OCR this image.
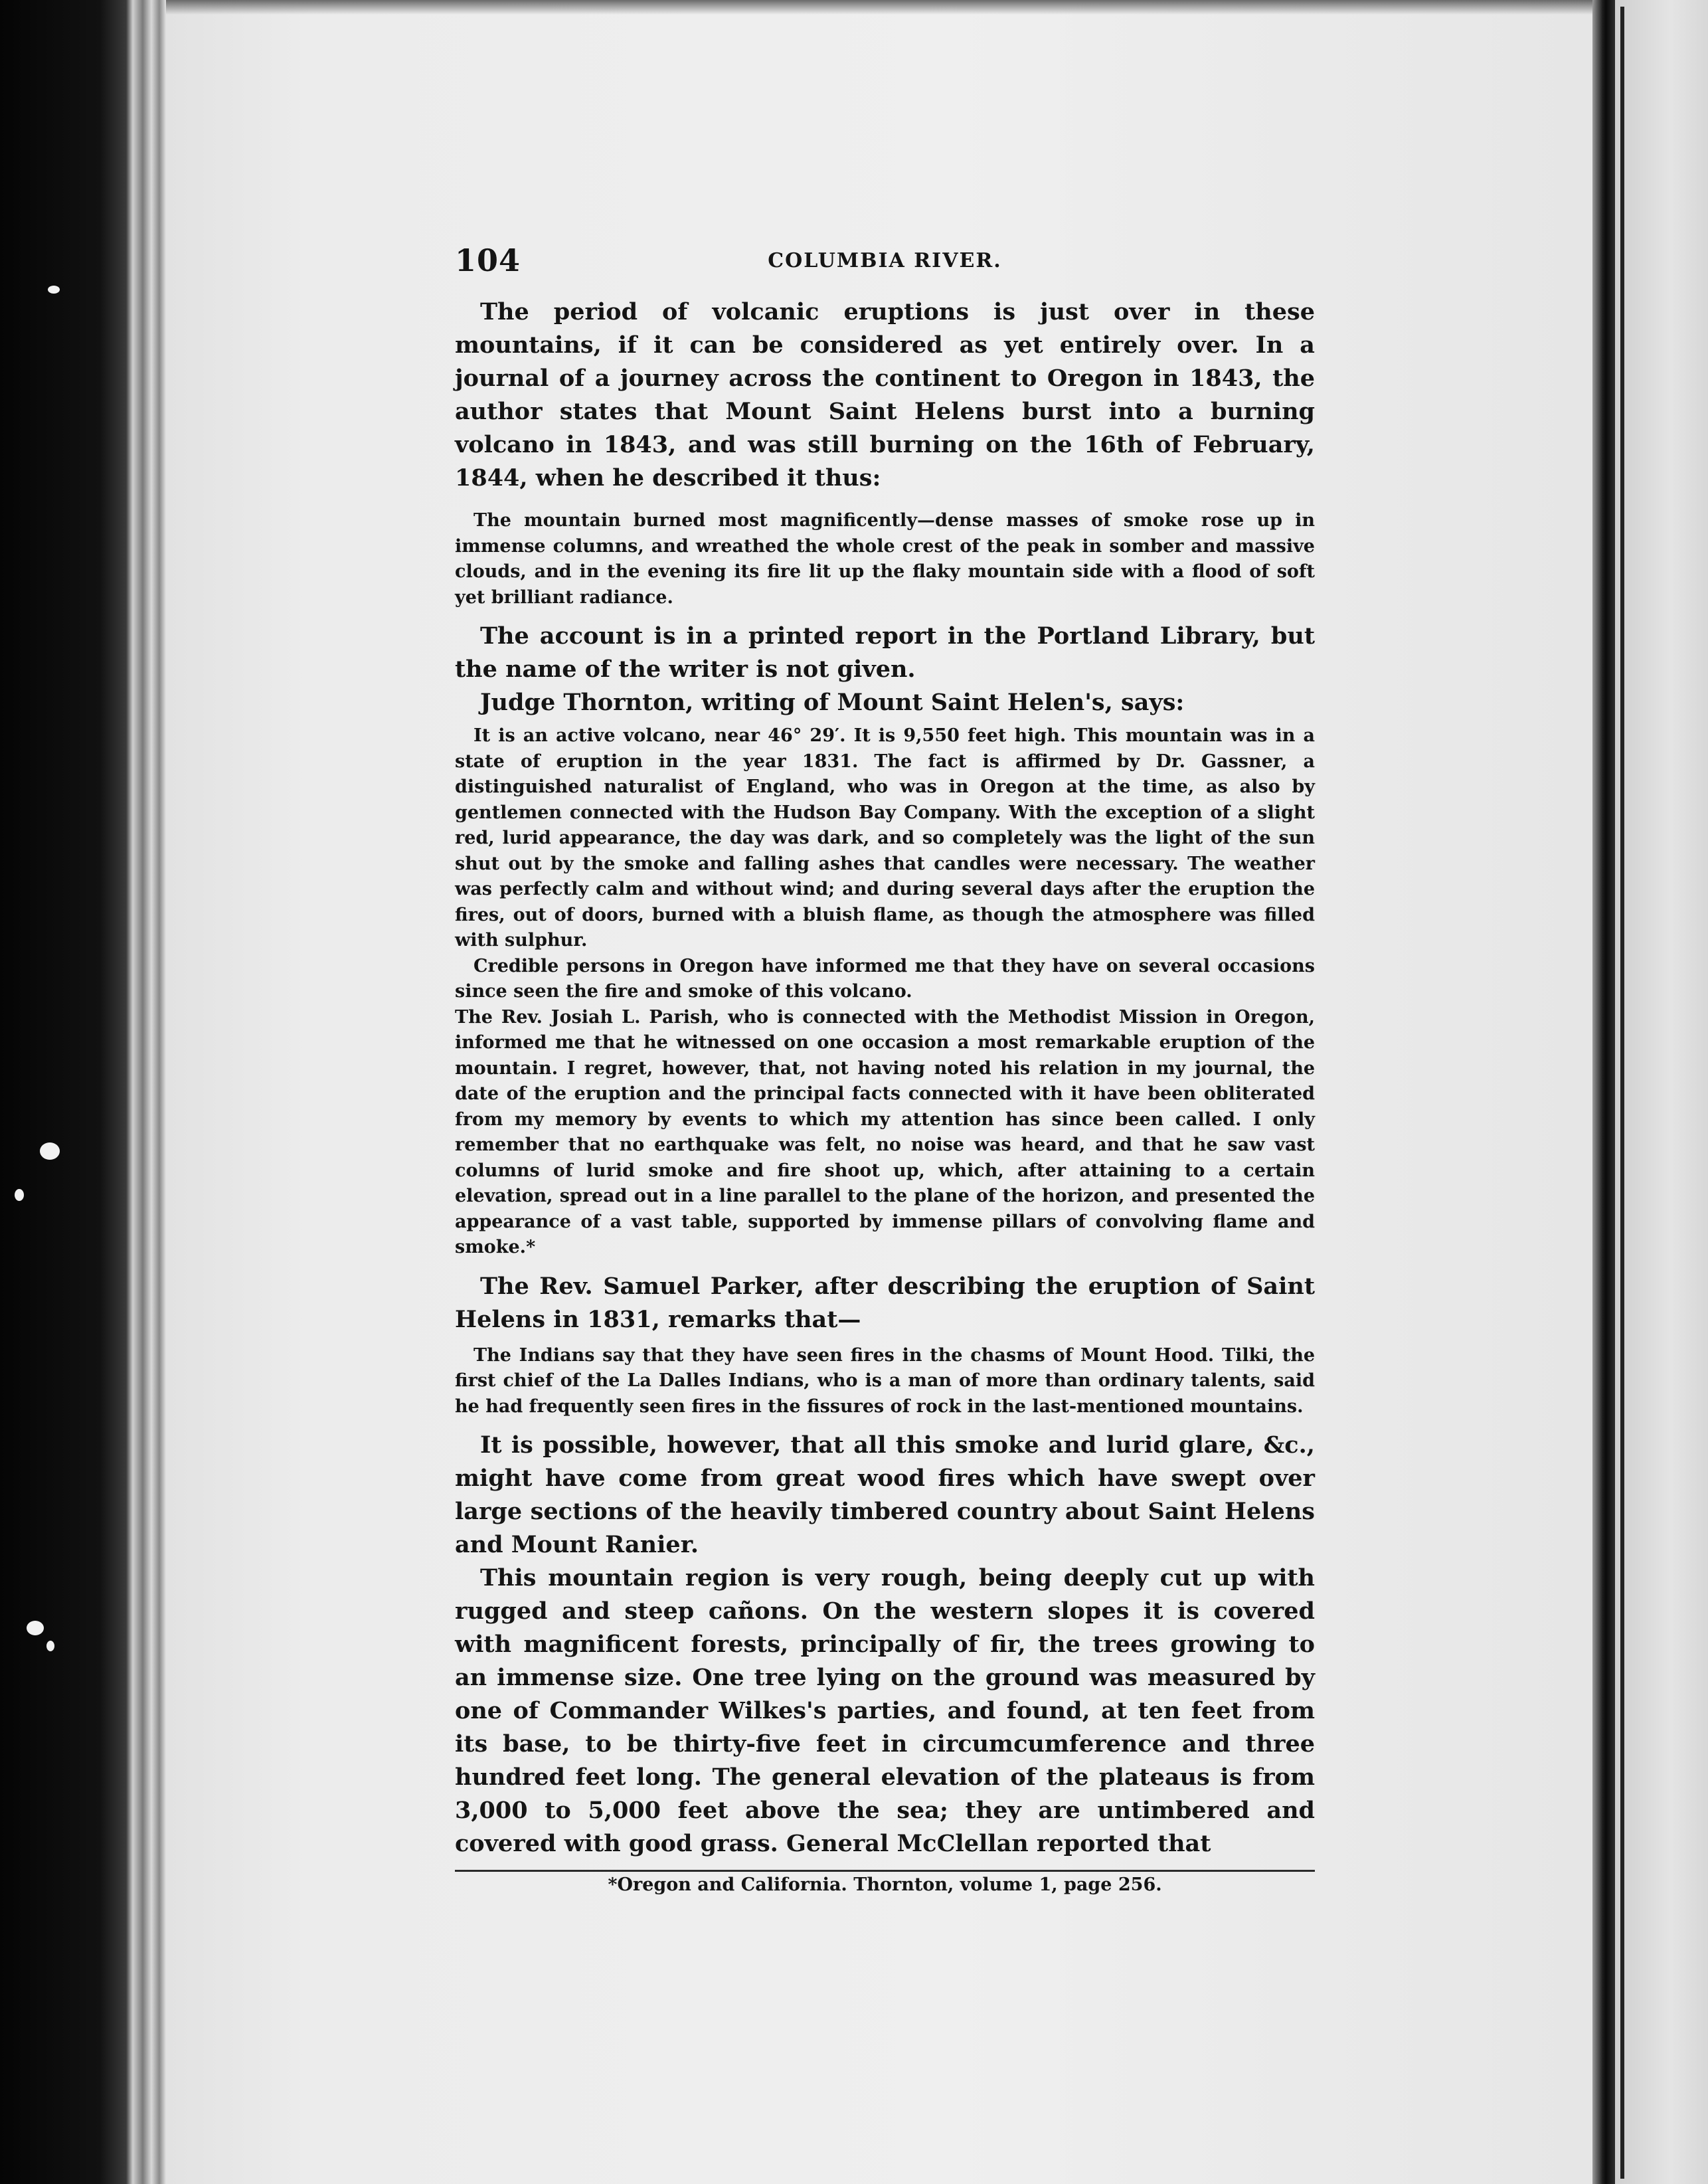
104	COLUMBIA RIVER.

The period of volcanic eruptions is just over in these mountains, if it can be considered as yet entirely over. In a journal of a journey across the continent to Oregon in 1843, the author states that Mount Saint Helens burst into a burning volcano in 1843, and was still burning on the 16th of February, 1844, when he described it thus:

The mountain burned most magnificently—dense masses of smoke rose up in immense columns, and wreathed the whole crest of the peak in somber and massive clouds, and in the evening its fire lit up the flaky mountain side with a flood of soft yet brilliant radiance.

The account is in a printed report in the Portland Library, but the name of the writer is not given.

Judge Thornton, writing of Mount Saint Helen's, says:

It is an active volcano, near 46° 29′. It is 9,550 feet high. This mountain was in a state of eruption in the year 1831. The fact is affirmed by Dr. Gassner, a distinguished naturalist of England, who was in Oregon at the time, as also by gentlemen connected with the Hudson Bay Company. With the exception of a slight red, lurid appearance, the day was dark, and so completely was the light of the sun shut out by the smoke and falling ashes that candles were necessary. The weather was perfectly calm and without wind; and during several days after the eruption the fires, out of doors, burned with a bluish flame, as though the atmosphere was filled with sulphur.

Credible persons in Oregon have informed me that they have on several occasions since seen the fire and smoke of this volcano.

The Rev. Josiah L. Parish, who is connected with the Methodist Mission in Oregon, informed me that he witnessed on one occasion a most remarkable eruption of the mountain. I regret, however, that, not having noted his relation in my journal, the date of the eruption and the principal facts connected with it have been obliterated from my memory by events to which my attention has since been called. I only remember that no earthquake was felt, no noise was heard, and that he saw vast columns of lurid smoke and fire shoot up, which, after attaining to a certain elevation, spread out in a line parallel to the plane of the horizon, and presented the appearance of a vast table, supported by immense pillars of convolving flame and smoke.*

The Rev. Samuel Parker, after describing the eruption of Saint Helens in 1831, remarks that—

The Indians say that they have seen fires in the chasms of Mount Hood. Tilki, the first chief of the La Dalles Indians, who is a man of more than ordinary talents, said he had frequently seen fires in the fissures of rock in the last-mentioned mountains.

It is possible, however, that all this smoke and lurid glare, &c., might have come from great wood fires which have swept over large sections of the heavily timbered country about Saint Helens and Mount Ranier.

This mountain region is very rough, being deeply cut up with rugged and steep cañons. On the western slopes it is covered with magnificent forests, principally of fir, the trees growing to an immense size. One tree lying on the ground was measured by one of Commander Wilkes's parties, and found, at ten feet from its base, to be thirty-five feet in circumcumference and three hundred feet long. The general elevation of the plateaus is from 3,000 to 5,000 feet above the sea; they are untimbered and covered with good grass. General McClellan reported that

*Oregon and California. Thornton, volume 1, page 256.
